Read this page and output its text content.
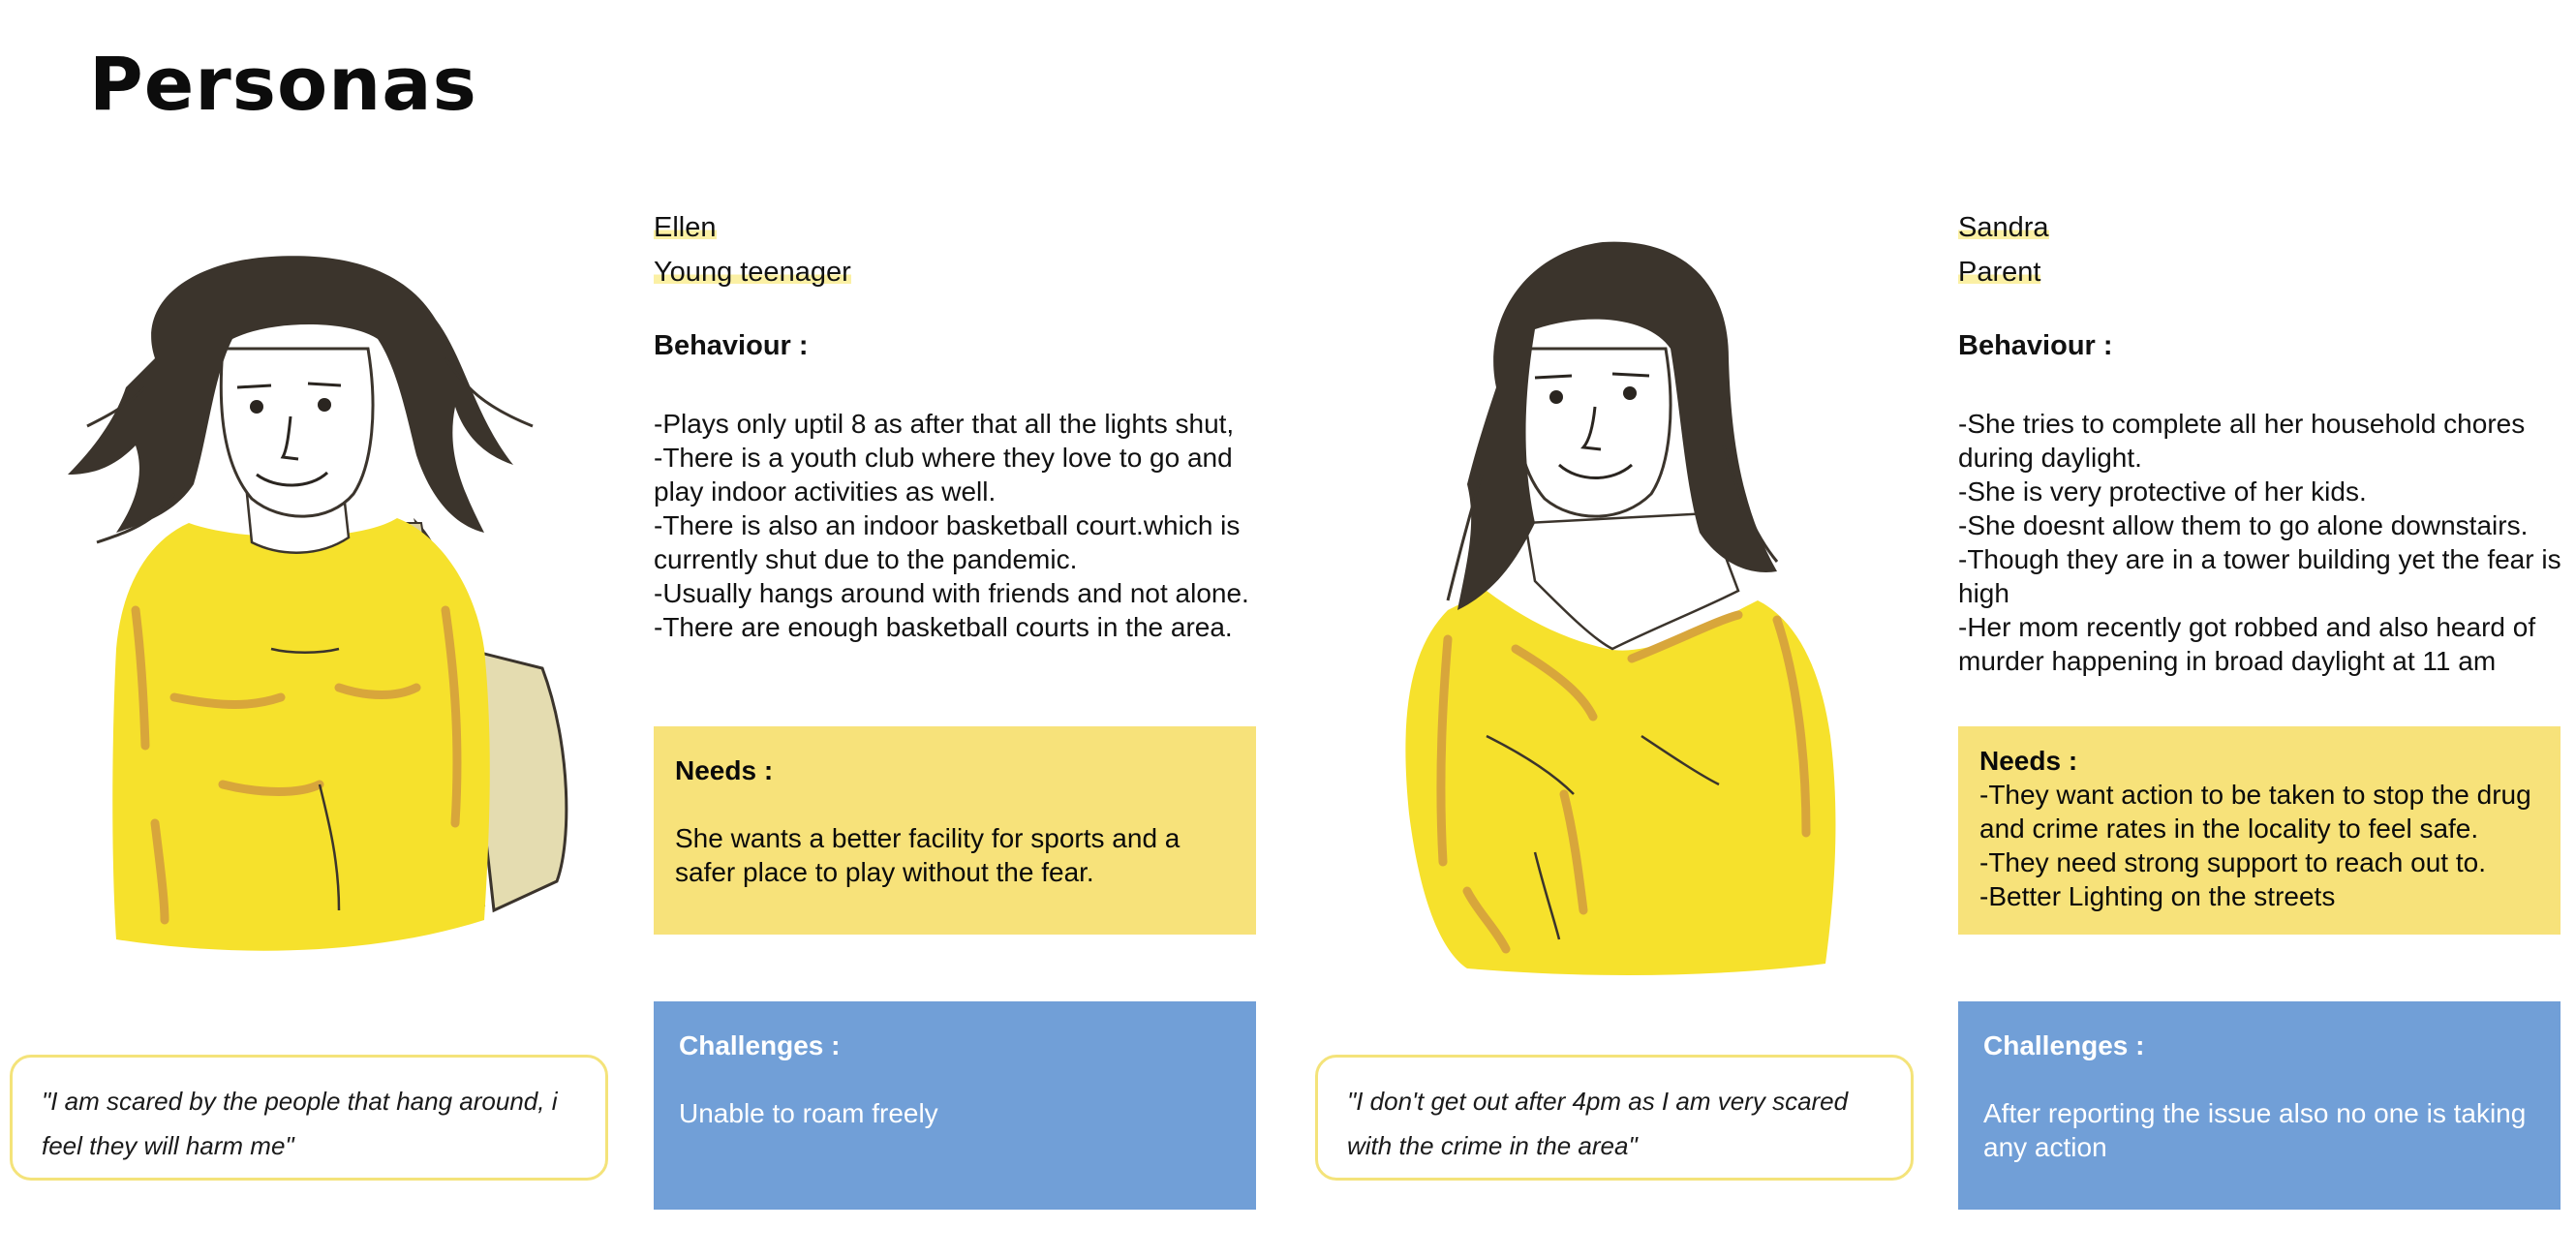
Personas
Ellen
Young teenager
Behaviour :
-Plays only uptil 8 as after that all the lights shut,
-There is a youth club where they love to go and play indoor activities as well.
-There is also an indoor basketball court.which is currently shut due to the pandemic.
-Usually hangs around with friends and not alone.
-There are enough basketball courts in the area.
Needs :
She wants a better facility for sports and a safer place to play without the fear.
Challenges :
Unable to roam freely
"I am scared by the people that hang around, i feel they will harm me"
Sandra
Parent
Behaviour :
-She tries to complete all her household chores during daylight.
-She is very protective of her kids.
-She doesnt allow them to go alone downstairs.
-Though they are in a tower building yet the fear is high
-Her mom recently got robbed and also heard of murder happening in broad daylight at 11 am
Needs :
-They want action to be taken to stop the drug and crime rates in the locality to feel safe.
-They need strong support to reach out to.
-Better Lighting on the streets
Challenges :
After reporting the issue also no one is taking any action
"I don't get out after 4pm as I am very scared with the crime in the area"
